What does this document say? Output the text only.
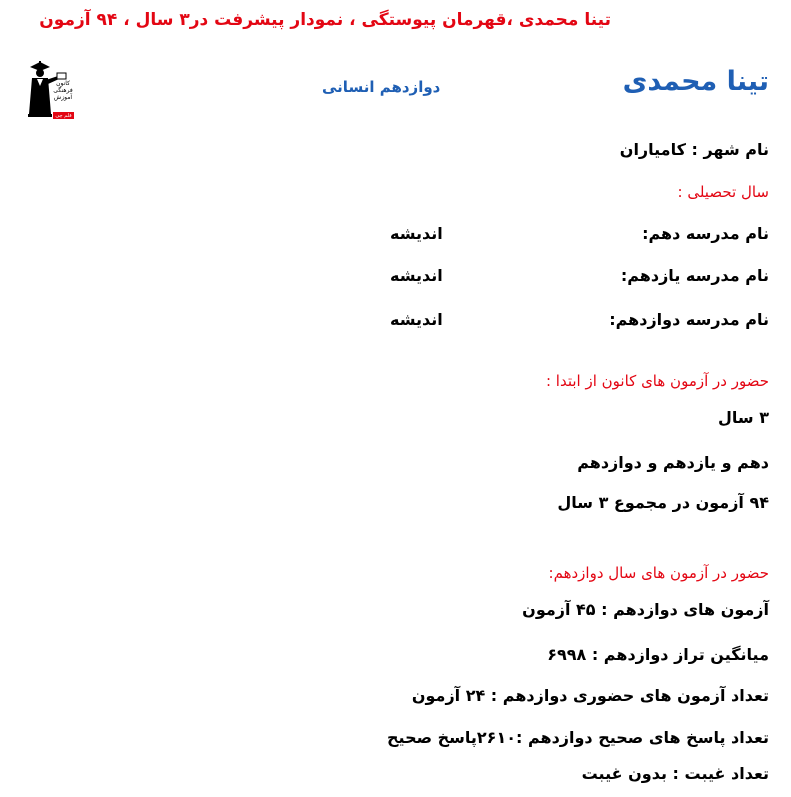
تینا محمدی ،قهرمان پیوستگی ، نمودار پیشرفت در۳ سال ، ۹۴ آزمون
كانون
فرهنگی
آموزش
قلم چی
تینا محمدی
دوازدهم انسانی
نام شهر : کامیاران
سال تحصیلی :
نام مدرسه دهم:
اندیشه
نام مدرسه یازدهم:
اندیشه
نام مدرسه دوازدهم:
اندیشه
حضور در آزمون های کانون از ابتدا :
۳ سال
دهم و یازدهم و دوازدهم
۹۴ آزمون در مجموع ۳ سال
حضور در آزمون های سال دوازدهم:
آزمون های دوازدهم : ۴۵ آزمون
میانگین تراز دوازدهم : ۶۹۹۸
تعداد آزمون های حضوری دوازدهم : ۲۴ آزمون
تعداد پاسخ های صحیح دوازدهم :۲۶۱۰پاسخ صحیح
تعداد غیبت : بدون غیبت
